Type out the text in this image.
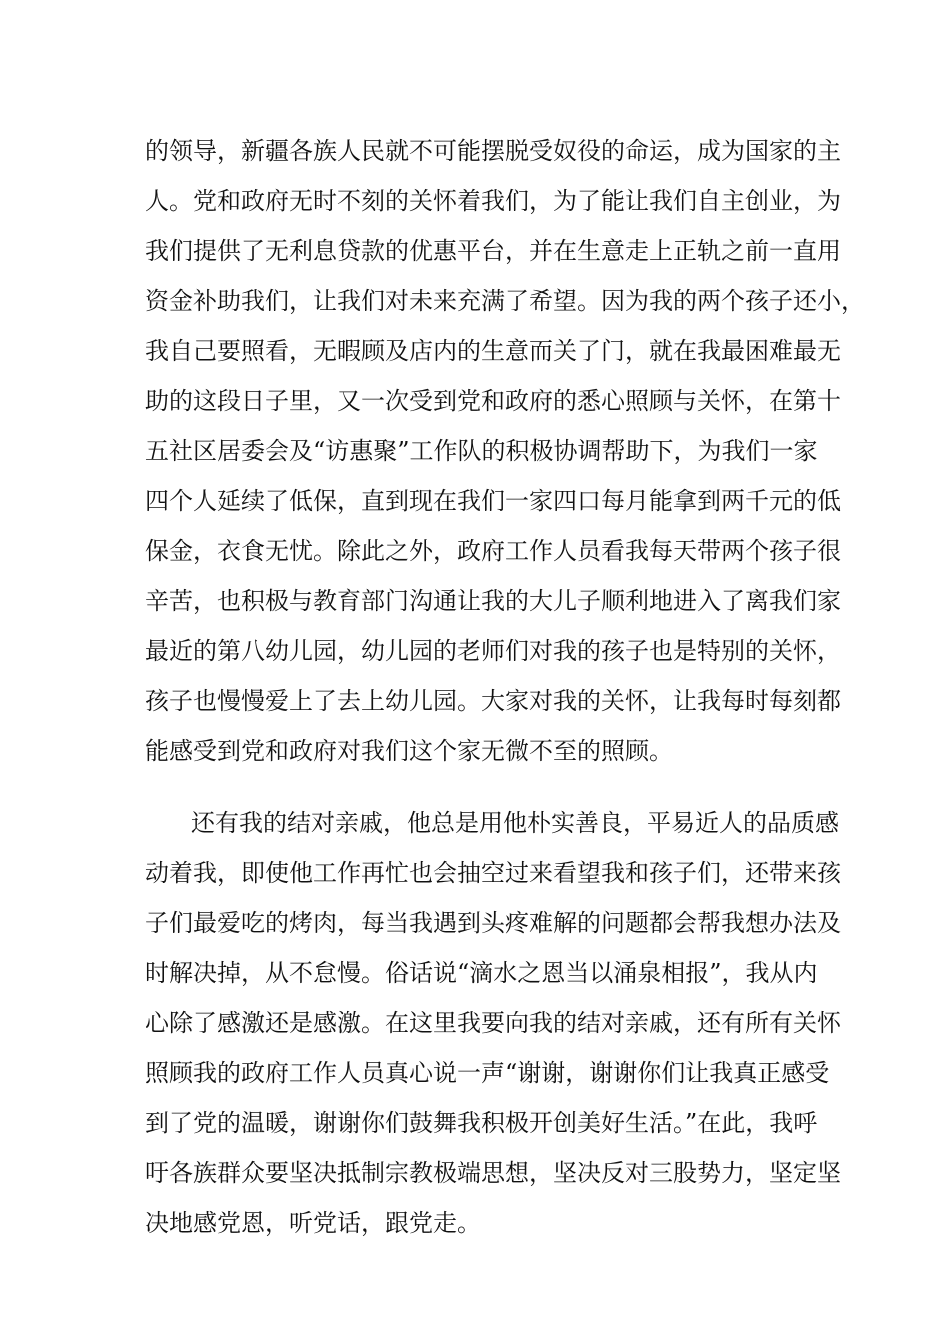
的领导，新疆各族人民就不可能摆脱受奴役的命运，成为国家的主
人。党和政府无时不刻的关怀着我们，为了能让我们自主创业，为
我们提供了无利息贷款的优惠平台，并在生意走上正轨之前一直用
资金补助我们，让我们对未来充满了希望。因为我的两个孩子还小，
我自己要照看，无暇顾及店内的生意而关了门，就在我最困难最无
助的这段日子里，又一次受到党和政府的悉心照顾与关怀，在第十
五社区居委会及“访惠聚”工作队的积极协调帮助下，为我们一家
四个人延续了低保，直到现在我们一家四口每月能拿到两千元的低
保金，衣食无忧。除此之外，政府工作人员看我每天带两个孩子很
辛苦，也积极与教育部门沟通让我的大儿子顺利地进入了离我们家
最近的第八幼儿园，幼儿园的老师们对我的孩子也是特别的关怀，
孩子也慢慢爱上了去上幼儿园。大家对我的关怀，让我每时每刻都
能感受到党和政府对我们这个家无微不至的照顾。
还有我的结对亲戚，他总是用他朴实善良，平易近人的品质感
动着我，即使他工作再忙也会抽空过来看望我和孩子们，还带来孩
子们最爱吃的烤肉，每当我遇到头疼难解的问题都会帮我想办法及
时解决掉，从不怠慢。俗话说“滴水之恩当以涌泉相报”，我从内
心除了感激还是感激。在这里我要向我的结对亲戚，还有所有关怀
照顾我的政府工作人员真心说一声“谢谢，谢谢你们让我真正感受
到了党的温暖，谢谢你们鼓舞我积极开创美好生活。”在此，我呼
吁各族群众要坚决抵制宗教极端思想，坚决反对三股势力，坚定坚
决地感党恩，听党话，跟党走。
